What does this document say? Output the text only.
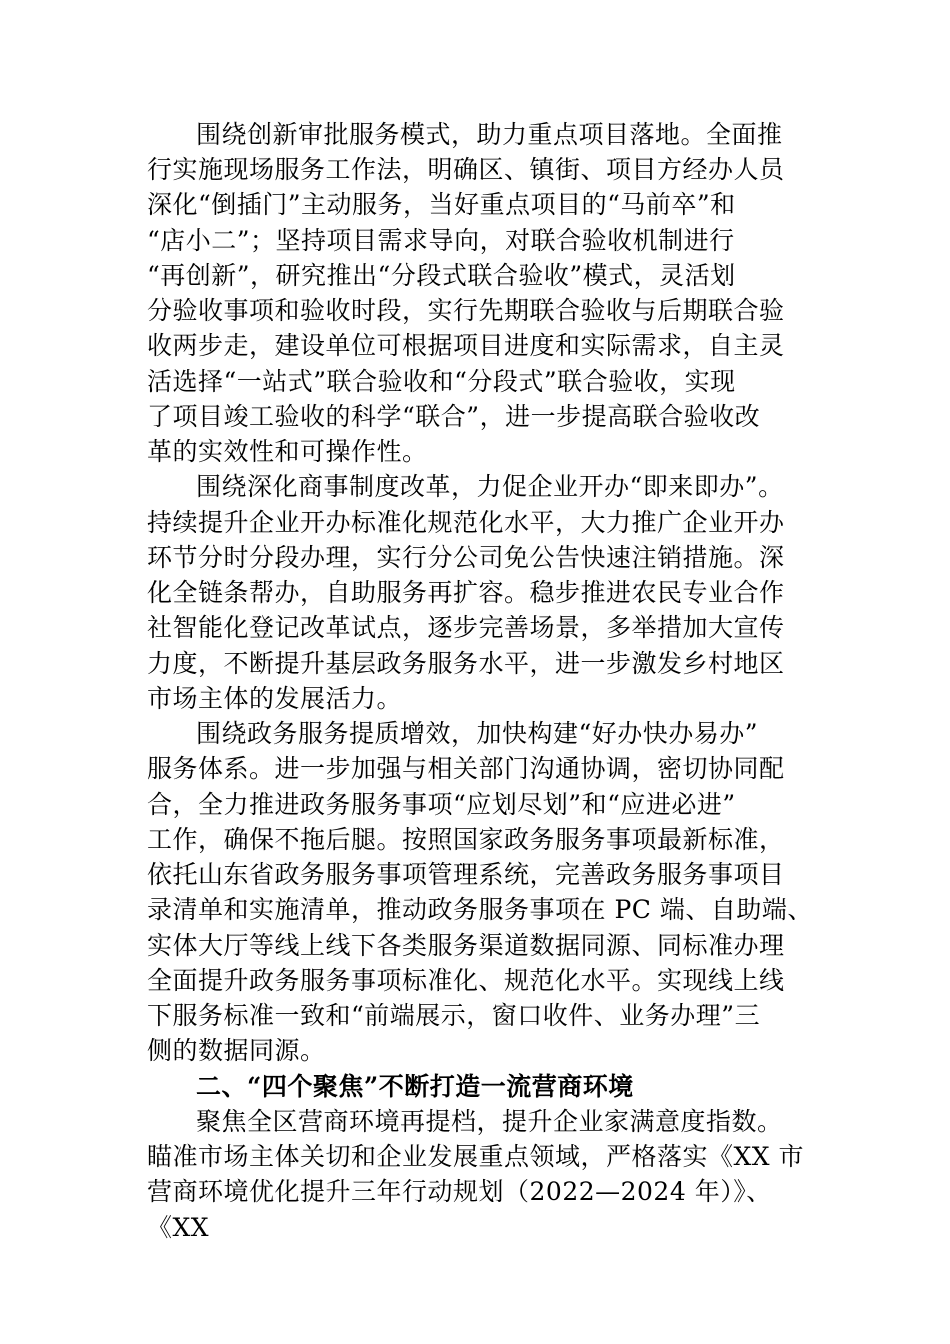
围绕创新审批服务模式，助力重点项目落地。全面推
行实施现场服务工作法，明确区、镇街、项目方经办人员
深化“倒插门”主动服务，当好重点项目的“马前卒”和
“店小二”；坚持项目需求导向，对联合验收机制进行
“再创新”，研究推出“分段式联合验收”模式，灵活划
分验收事项和验收时段，实行先期联合验收与后期联合验
收两步走，建设单位可根据项目进度和实际需求，自主灵
活选择“一站式”联合验收和“分段式”联合验收，实现
了项目竣工验收的科学“联合”，进一步提高联合验收改
革的实效性和可操作性。
围绕深化商事制度改革，力促企业开办“即来即办”。
持续提升企业开办标准化规范化水平，大力推广企业开办
环节分时分段办理，实行分公司免公告快速注销措施。深
化全链条帮办，自助服务再扩容。稳步推进农民专业合作
社智能化登记改革试点，逐步完善场景，多举措加大宣传
力度，不断提升基层政务服务水平，进一步激发乡村地区
市场主体的发展活力。
围绕政务服务提质增效，加快构建“好办快办易办”
服务体系。进一步加强与相关部门沟通协调，密切协同配
合，全力推进政务服务事项“应划尽划”和“应进必进”
工作，确保不拖后腿。按照国家政务服务事项最新标准，
依托山东省政务服务事项管理系统，完善政务服务事项目
录清单和实施清单，推动政务服务事项在 PC 端、自助端、
实体大厅等线上线下各类服务渠道数据同源、同标准办理
全面提升政务服务事项标准化、规范化水平。实现线上线
下服务标准一致和“前端展示，窗口收件、业务办理”三
侧的数据同源。
二、“四个聚焦”不断打造一流营商环境
聚焦全区营商环境再提档，提升企业家满意度指数。
瞄准市场主体关切和企业发展重点领域，严格落实《XX 市
营商环境优化提升三年行动规划（2022—2024 年）》、
《XX
